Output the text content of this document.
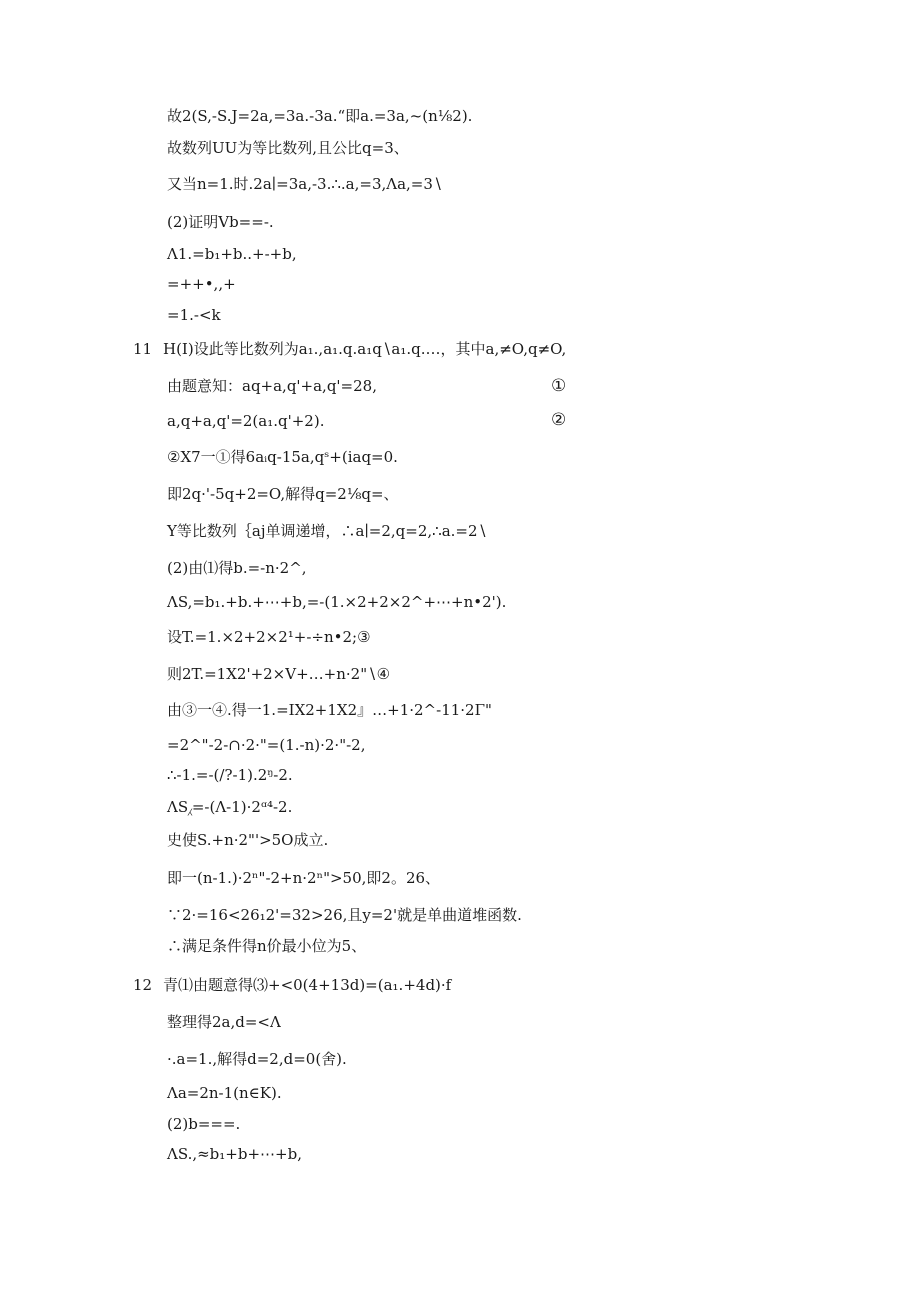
故2(S,-S.J=2a,=3a.-3a.“即a.=3a,~(n⅛2).
故数列UU为等比数列,且公比q=3、
又当n=1.时.2a∣=3a,-3.∴.a,=3,Λa,=3∖
(2)证明Vb==-.
Λ1.=b₁+b..+-+b,
=++•,,+
=1.-<k
11 H(I)设此等比数列为a₁.,a₁.q.a₁q∖a₁.q.…，其中a,≠O,q≠O,
由题意知：aq+a,q'+a,q'=28,	①
a,q+a,q'=2(a₁.q'+2).	②
②X7一①得6aᵢq-15a,qˢ+(iaq=0.
即2q·'-5q+2=O,解得q=2⅛q=、
Y等比数列｛aj单调递增，∴a∣=2,q=2,∴a.=2∖
(2)由⑴得b.=-n·2^,
ΛS,=b₁.+b.+⋯+b,=-(1.×2+2×2^+⋯+n•2').
设T.=1.×2+2×2¹+-÷n•2;③
则2T.=1X2'+2×V+…+n·2"∖④
由③一④.得一1.=IX2+1X2』…+1·2^-11·2Γ"
=2^"-2-∩·2·"=(1.-n)·2·"-2,
∴-1.=-(/?-1).2ᵑ-2.
ΛS⁁=-(Λ-1)·2ᵅ⁴-2.
史使S.+n·2"'>5O成立.
即一(n-1.)·2ⁿ"-2+n·2ⁿ">50,即2。26、
∵2·=16<26₁2'=32>26,且y=2'就是单曲道堆函数.
∴满足条件得n价最小位为5、
12 青⑴由题意得⑶+<0(4+13d)=(a₁.+4d)·f
整理得2a,d=<Λ
·.a=1.,解得d=2,d=0(舍).
Λa=2n-1(n∈K).
(2)b===.
ΛS.,≈b₁+b+⋯+b,
